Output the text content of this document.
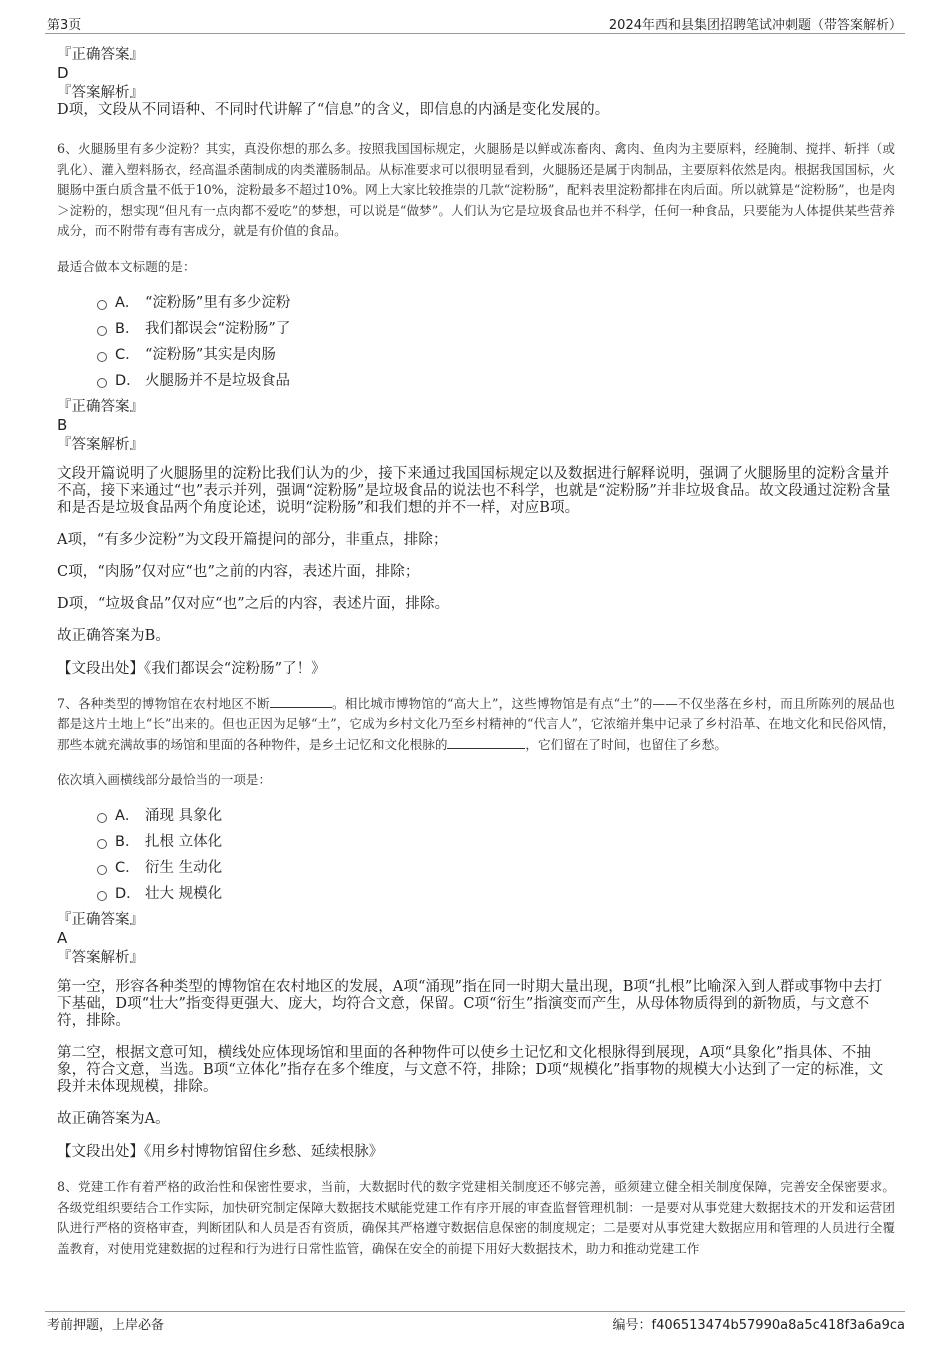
第3页	2024年西和县集团招聘笔试冲刺题（带答案解析）

『正确答案』

D

『答案解析』

D项，文段从不同语种、不同时代讲解了“信息”的含义，即信息的内涵是变化发展的。

6、火腿肠里有多少淀粉？其实，真没你想的那么多。按照我国国标规定，火腿肠是以鲜或冻畜肉、禽肉、鱼肉为主要原料，经腌制、搅拌、斩拌（或乳化）、灌入塑料肠衣，经高温杀菌制成的肉类灌肠制品。从标准要求可以很明显看到，火腿肠还是属于肉制品，主要原料依然是肉。根据我国国标，火腿肠中蛋白质含量不低于10%，淀粉最多不超过10%。网上大家比较推崇的几款“淀粉肠”，配料表里淀粉都排在肉后面。所以就算是“淀粉肠”，也是肉＞淀粉的，想实现“但凡有一点肉都不爱吃”的梦想，可以说是“做梦”。人们认为它是垃圾食品也并不科学，任何一种食品，只要能为人体提供某些营养成分，而不附带有毒有害成分，就是有价值的食品。

最适合做本文标题的是：

A． “淀粉肠”里有多少淀粉
B． 我们都误会“淀粉肠”了
C． “淀粉肠”其实是肉肠
D． 火腿肠并不是垃圾食品

『正确答案』

B

『答案解析』

文段开篇说明了火腿肠里的淀粉比我们认为的少，接下来通过我国国标规定以及数据进行解释说明，强调了火腿肠里的淀粉含量并不高，接下来通过“也”表示并列，强调“淀粉肠”是垃圾食品的说法也不科学，也就是“淀粉肠”并非垃圾食品。故文段通过淀粉含量和是否是垃圾食品两个角度论述，说明“淀粉肠”和我们想的并不一样，对应B项。

A项，“有多少淀粉”为文段开篇提问的部分，非重点，排除；

C项，“肉肠”仅对应“也”之前的内容，表述片面，排除；

D项，“垃圾食品”仅对应“也”之后的内容，表述片面，排除。

故正确答案为B。

【文段出处】《我们都误会“淀粉肠”了！》

7、各种类型的博物馆在农村地区不断	。相比城市博物馆的“高大上”，这些博物馆是有点“土”的——不仅坐落在乡村，而且所陈列的展品也都是这片土地上“长”出来的。但也正因为足够“土”，它成为乡村文化乃至乡村精神的“代言人”，它浓缩并集中记录了乡村沿革、在地文化和民俗风情，那些本就充满故事的场馆和里面的各种物件，是乡土记忆和文化根脉的	，它们留在了时间，也留住了乡愁。

依次填入画横线部分最恰当的一项是：

A． 涌现 具象化
B． 扎根 立体化
C． 衍生 生动化
D． 壮大 规模化

『正确答案』

A

『答案解析』

第一空，形容各种类型的博物馆在农村地区的发展，A项“涌现”指在同一时期大量出现，B项“扎根”比喻深入到人群或事物中去打下基础，D项“壮大”指变得更强大、庞大，均符合文意，保留。C项“衍生”指演变而产生，从母体物质得到的新物质，与文意不符，排除。

第二空，根据文意可知，横线处应体现场馆和里面的各种物件可以使乡土记忆和文化根脉得到展现，A项“具象化”指具体、不抽象，符合文意，当选。B项“立体化”指存在多个维度，与文意不符，排除；D项“规模化”指事物的规模大小达到了一定的标准，文段并未体现规模，排除。

故正确答案为A。

【文段出处】《用乡村博物馆留住乡愁、延续根脉》

8、党建工作有着严格的政治性和保密性要求，当前，大数据时代的数字党建相关制度还不够完善，亟须建立健全相关制度保障，完善安全保密要求。各级党组织要结合工作实际，加快研究制定保障大数据技术赋能党建工作有序开展的审查监督管理机制：一是要对从事党建大数据技术的开发和运营团队进行严格的资格审查，判断团队和人员是否有资质，确保其严格遵守数据信息保密的制度规定；二是要对从事党建大数据应用和管理的人员进行全覆盖教育，对使用党建数据的过程和行为进行日常性监管，确保在安全的前提下用好大数据技术，助力和推动党建工作

考前押题，上岸必备	编号：f406513474b57990a8a5c418f3a6a9ca
